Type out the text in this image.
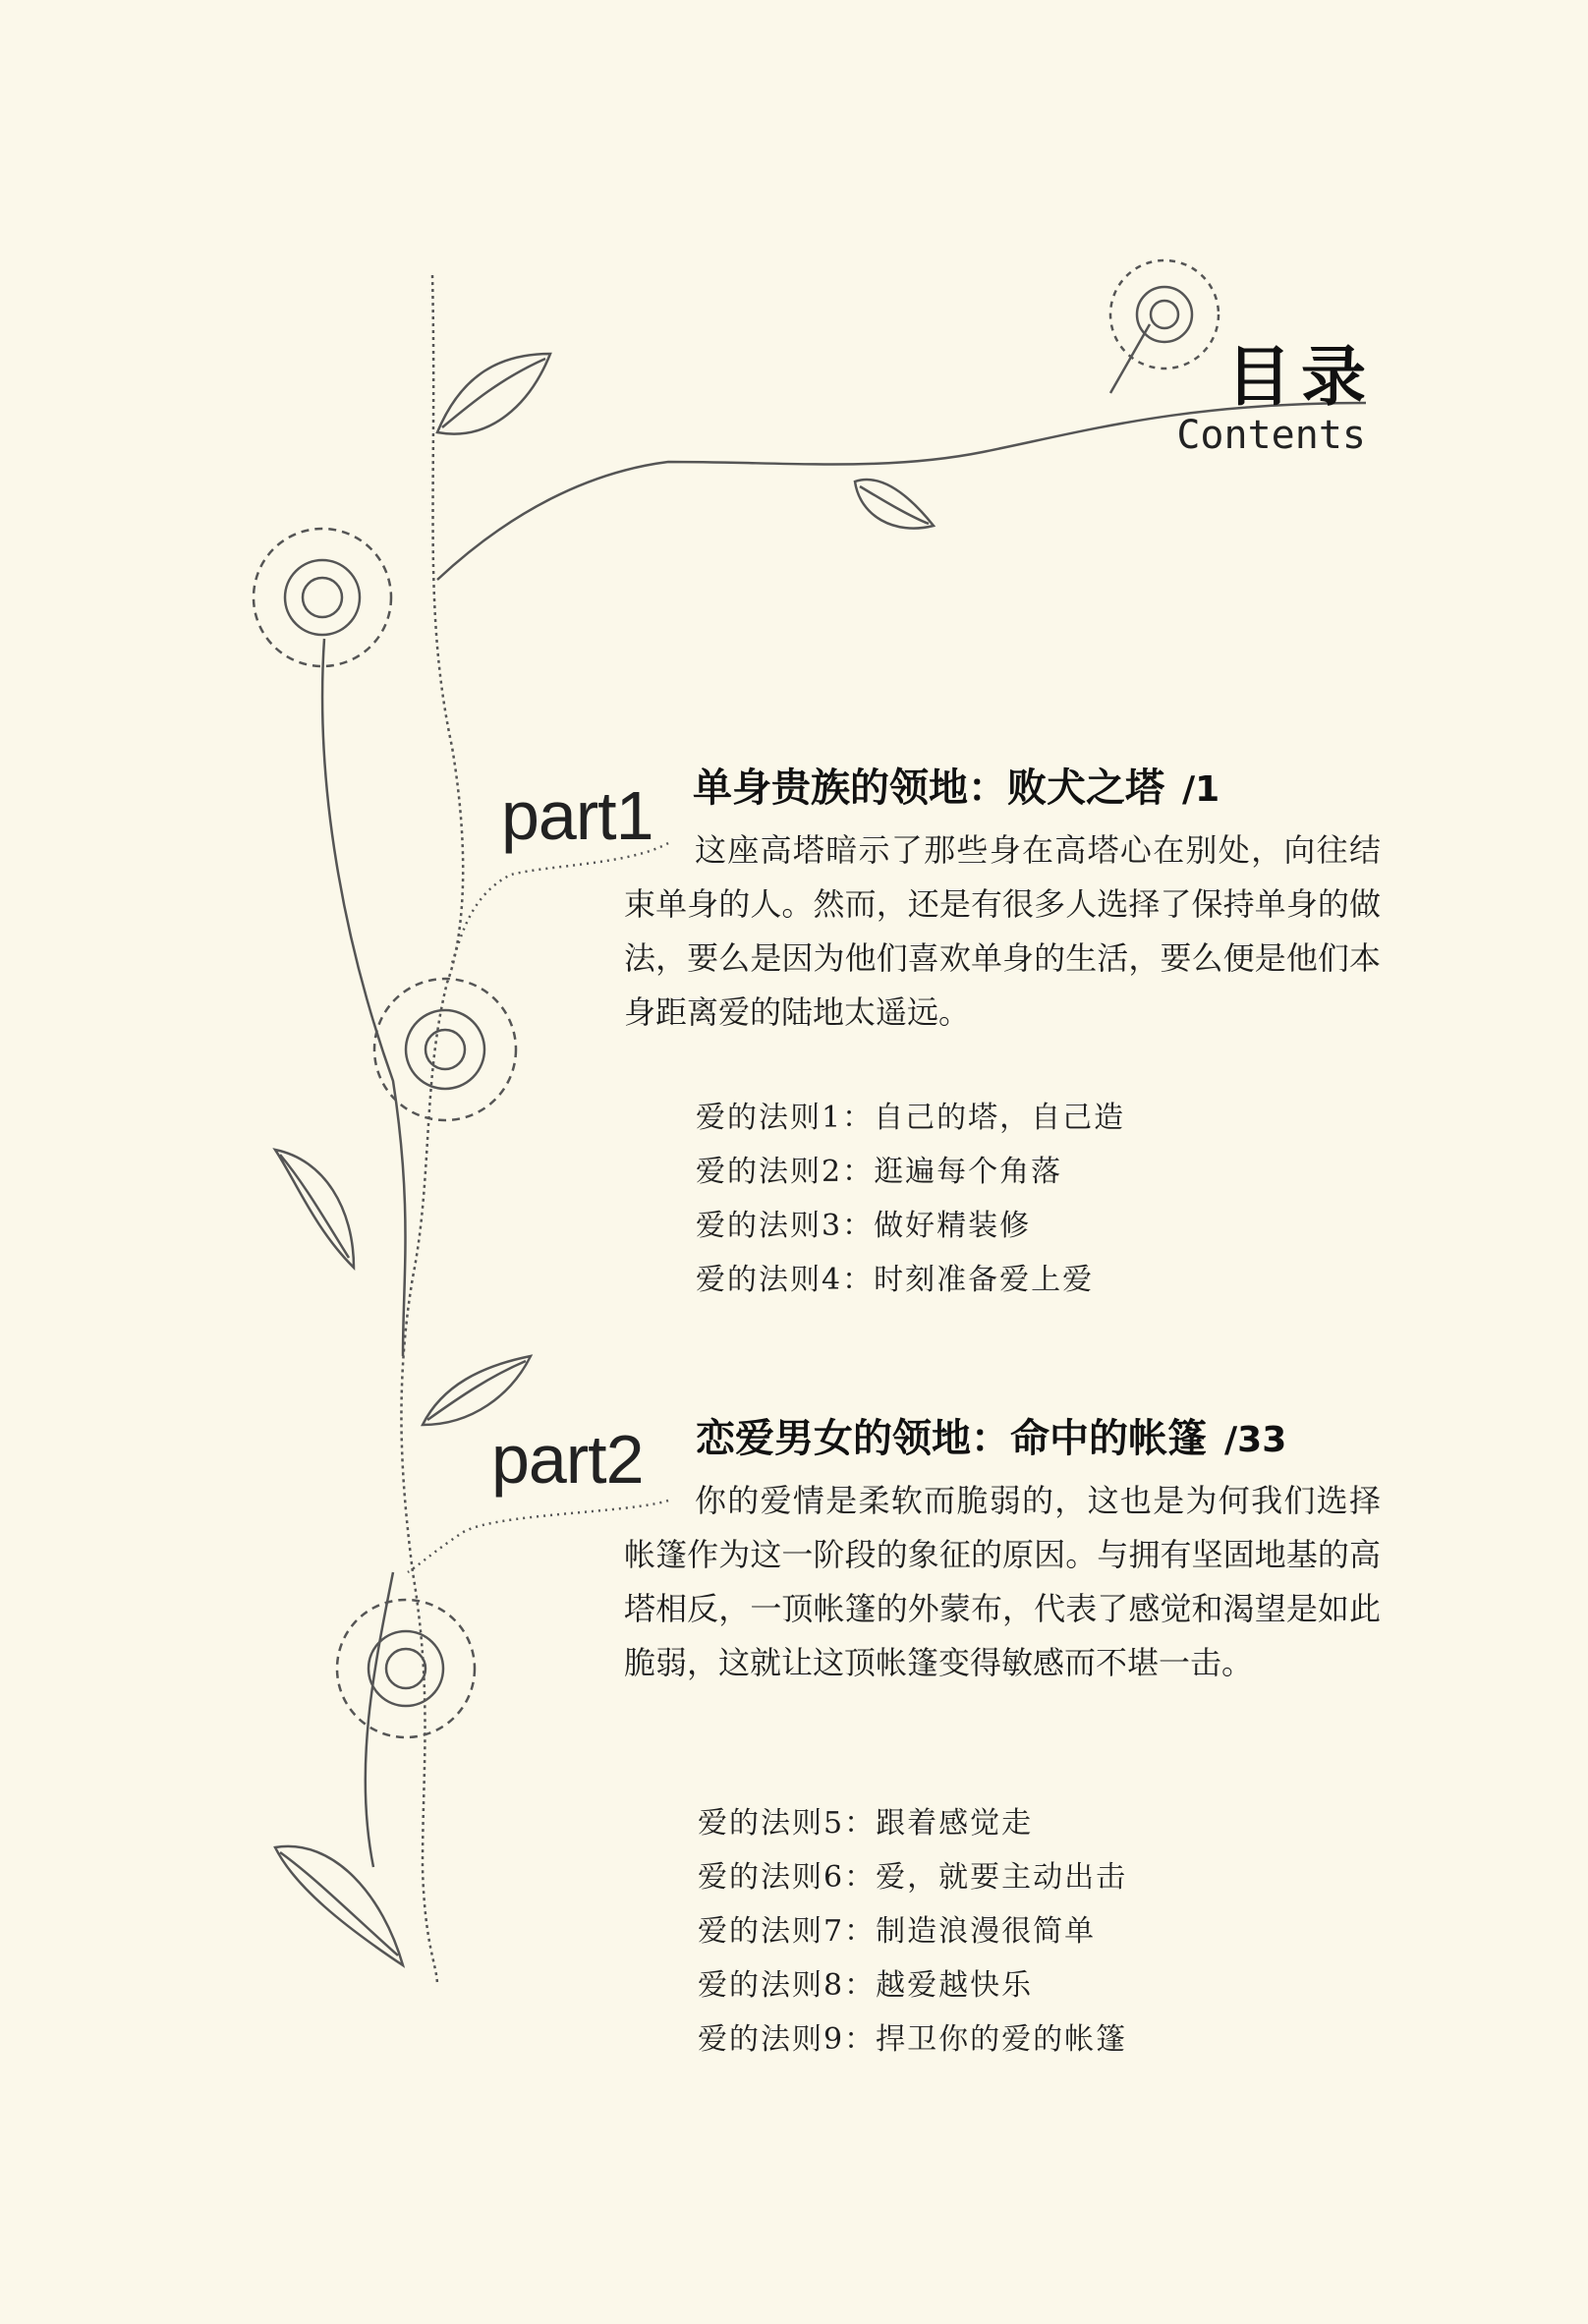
目录
Contents
part1 单身贵族的领地：败犬之塔 /1

这座高塔暗示了那些身在高塔心在别处，向往结束单身的人。然而，还是有很多人选择了保持单身的做法，要么是因为他们喜欢单身的生活，要么便是他们本身距离爱的陆地太遥远。

爱的法则1：自己的塔，自己造
爱的法则2：逛遍每个角落
爱的法则3：做好精装修
爱的法则4：时刻准备爱上爱
part2 恋爱男女的领地：命中的帐篷 /33

你的爱情是柔软而脆弱的，这也是为何我们选择帐篷作为这一阶段的象征的原因。与拥有坚固地基的高塔相反，一顶帐篷的外蒙布，代表了感觉和渴望是如此脆弱，这就让这顶帐篷变得敏感而不堪一击。

爱的法则5：跟着感觉走
爱的法则6：爱，就要主动出击
爱的法则7：制造浪漫很简单
爱的法则8：越爱越快乐
爱的法则9：捍卫你的爱的帐篷
